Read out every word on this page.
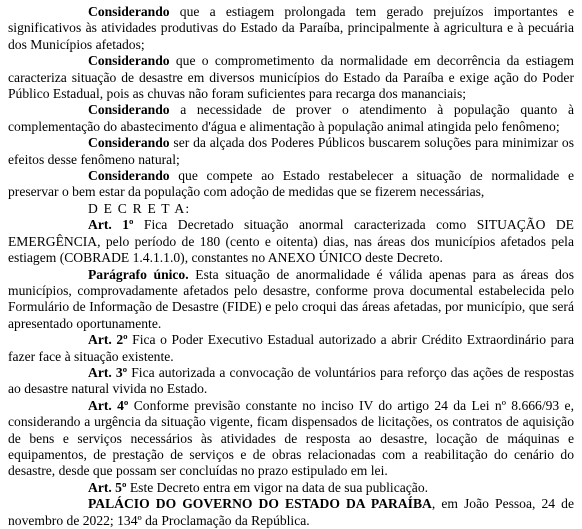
Considerando que a estiagem prolongada tem gerado prejuízos importantes e significativos às atividades produtivas do Estado da Paraíba, principalmente à agricultura e à pecuária dos Municípios afetados;

Considerando que o comprometimento da normalidade em decorrência da estiagem caracteriza situação de desastre em diversos municípios do Estado da Paraíba e exige ação do Poder Público Estadual, pois as chuvas não foram suficientes para recarga dos mananciais;

Considerando a necessidade de prover o atendimento à população quanto à complementação do abastecimento d'água e alimentação à população animal atingida pelo fenômeno;

Considerando ser da alçada dos Poderes Públicos buscarem soluções para minimizar os efeitos desse fenômeno natural;

Considerando que compete ao Estado restabelecer a situação de normalidade e preservar o bem estar da população com adoção de medidas que se fizerem necessárias,

D E C R E T A:

Art. 1º Fica Decretado situação anormal caracterizada como SITUAÇÃO DE EMERGÊNCIA, pelo período de 180 (cento e oitenta) dias, nas áreas dos municípios afetados pela estiagem (COBRADE 1.4.1.1.0), constantes no ANEXO ÚNICO deste Decreto.

Parágrafo único. Esta situação de anormalidade é válida apenas para as áreas dos municípios, comprovadamente afetados pelo desastre, conforme prova documental estabelecida pelo Formulário de Informação de Desastre (FIDE) e pelo croqui das áreas afetadas, por município, que será apresentado oportunamente.

Art. 2º Fica o Poder Executivo Estadual autorizado a abrir Crédito Extraordinário para fazer face à situação existente.

Art. 3º Fica autorizada a convocação de voluntários para reforço das ações de respostas ao desastre natural vivida no Estado.

Art. 4º Conforme previsão constante no inciso IV do artigo 24 da Lei nº 8.666/93 e, considerando a urgência da situação vigente, ficam dispensados de licitações, os contratos de aquisição de bens e serviços necessários às atividades de resposta ao desastre, locação de máquinas e equipamentos, de prestação de serviços e de obras relacionadas com a reabilitação do cenário do desastre, desde que possam ser concluídas no prazo estipulado em lei.

Art. 5º Este Decreto entra em vigor na data de sua publicação.

PALÁCIO DO GOVERNO DO ESTADO DA PARAÍBA, em João Pessoa, 24 de novembro de 2022; 134º da Proclamação da República.
